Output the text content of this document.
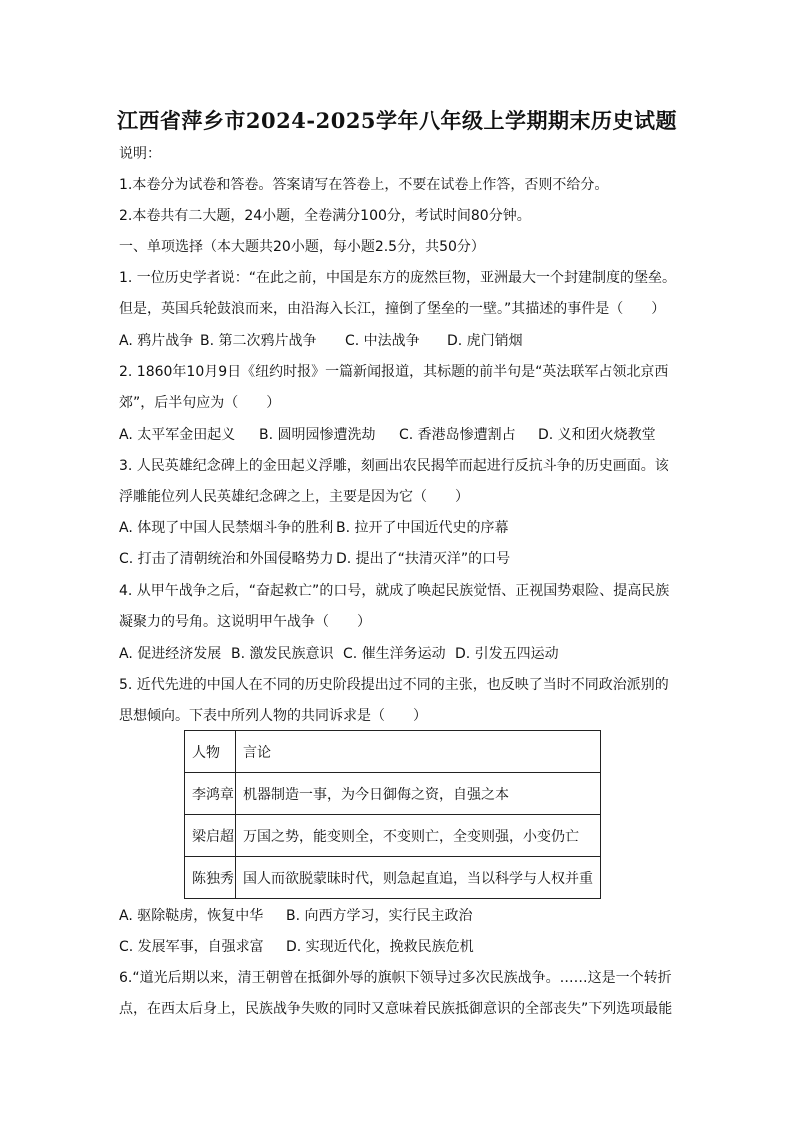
江西省萍乡市2024-2025学年八年级上学期期末历史试题
说明：
1.本卷分为试卷和答卷。答案请写在答卷上，不要在试卷上作答，否则不给分。
2.本卷共有二大题，24小题，全卷满分100分，考试时间80分钟。
一、单项选择（本大题共20小题，每小题2.5分，共50分）
1. 一位历史学者说：“在此之前，中国是东方的庞然巨物，亚洲最大一个封建制度的堡垒。
但是，英国兵轮鼓浪而来，由沿海入长江，撞倒了堡垒的一壁。”其描述的事件是（　　）
A. 鸦片战争 B. 第二次鸦片战争 C. 中法战争 D. 虎门销烟
2. 1860年10月9日《纽约时报》一篇新闻报道，其标题的前半句是“英法联军占领北京西
郊”，后半句应为（　　）
A. 太平军金田起义 B. 圆明园惨遭洗劫 C. 香港岛惨遭割占 D. 义和团火烧教堂
3. 人民英雄纪念碑上的金田起义浮雕，刻画出农民揭竿而起进行反抗斗争的历史画面。该
浮雕能位列人民英雄纪念碑之上，主要是因为它（　　）
A. 体现了中国人民禁烟斗争的胜利 B. 拉开了中国近代史的序幕
C. 打击了清朝统治和外国侵略势力 D. 提出了“扶清灭洋”的口号
4. 从甲午战争之后，“奋起救亡”的口号，就成了唤起民族觉悟、正视国势艰险、提高民族
凝聚力的号角。这说明甲午战争（　　）
A. 促进经济发展 B. 激发民族意识 C. 催生洋务运动 D. 引发五四运动
5. 近代先进的中国人在不同的历史阶段提出过不同的主张，也反映了当时不同政治派别的
思想倾向。下表中所列人物的共同诉求是（　　）
人物	言论
李鸿章	机器制造一事，为今日御侮之资，自强之本
梁启超	万国之势，能变则全，不变则亡，全变则强，小变仍亡
陈独秀	国人而欲脱蒙昧时代，则急起直追，当以科学与人权并重
A. 驱除鞑虏，恢复中华 B. 向西方学习，实行民主政治
C. 发展军事，自强求富 D. 实现近代化，挽救民族危机
6.“道光后期以来，清王朝曾在抵御外辱的旗帜下领导过多次民族战争。……这是一个转折
点，在西太后身上，民族战争失败的同时又意味着民族抵御意识的全部丧失”下列选项最能
